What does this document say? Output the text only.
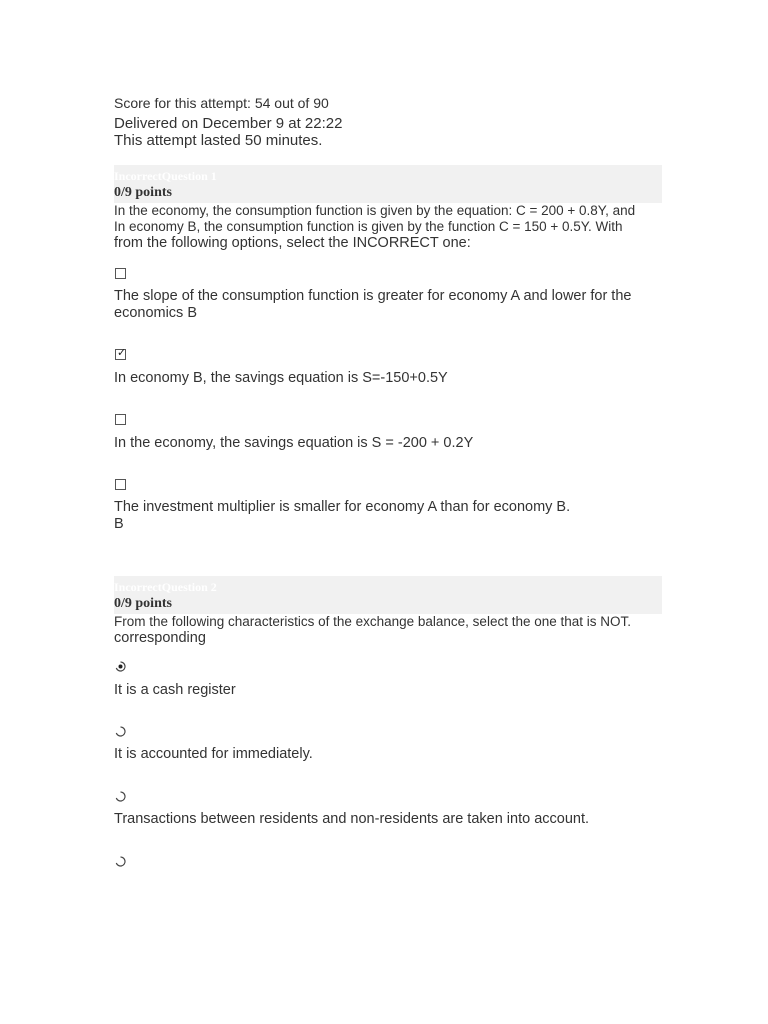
Score for this attempt: 54 out of 90
Delivered on December 9 at 22:22
This attempt lasted 50 minutes.
IncorrectQuestion 1
0/9 points
In the economy, the consumption function is given by the equation: C = 200 + 0.8Y, and
In economy B, the consumption function is given by the function C = 150 + 0.5Y. With
from the following options, select the INCORRECT one:
The slope of the consumption function is greater for economy A and lower for the
economics B
✓
In economy B, the savings equation is S=-150+0.5Y
In the economy, the savings equation is S = -200 + 0.2Y
The investment multiplier is smaller for economy A than for economy B.
B
IncorrectQuestion 2
0/9 points
From the following characteristics of the exchange balance, select the one that is NOT.
corresponding
It is a cash register
It is accounted for immediately.
Transactions between residents and non-residents are taken into account.
